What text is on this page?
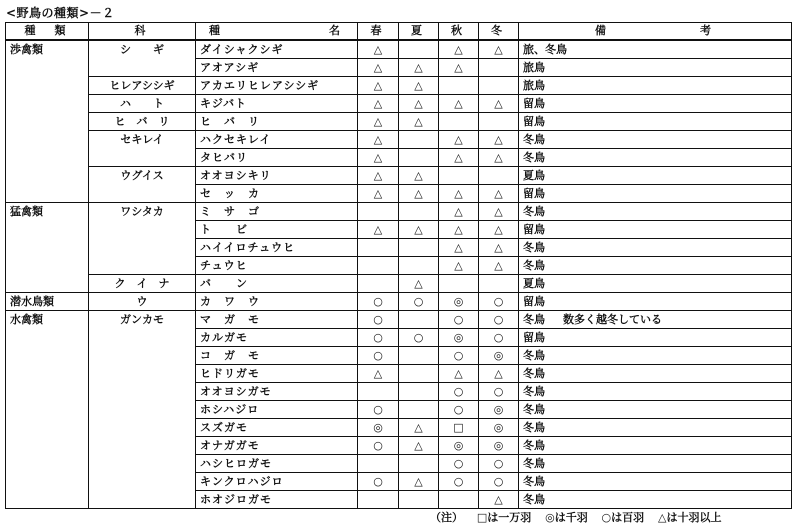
<野鳥の種類>－２
種　類	科	種　　　　　　　名	春	夏	秋	冬	備　　　　　　考
渉禽類	シ　　ギ	ダイシャクシギ	△		△	△	旅、冬鳥
		アオアシギ	△	△	△		旅鳥
	ヒレアシシギ	アカエリヒレアシシギ	△	△			旅鳥
	ハ　　ト	キジバト	△	△	△	△	留鳥
	ヒ　バ　リ	ヒ　バ　リ	△	△			留鳥
	セキレイ	ハクセキレイ	△		△	△	冬鳥
		タヒバリ	△		△	△	冬鳥
	ウグイス	オオヨシキリ	△	△			夏鳥
		セ　ッ　カ	△	△	△	△	留鳥
猛禽類	ワシタカ	ミ　サ　ゴ			△	△	冬鳥
		ト　　ビ	△	△	△	△	留鳥
		ハイイロチュウヒ			△	△	冬鳥
		チュウヒ			△	△	冬鳥
	ク　イ　ナ	バ　　ン		△			夏鳥
潜水鳥類	ウ	カ　ワ　ウ	○	○	◎	○	留鳥
水禽類	ガンカモ	マ　ガ　モ	○		○	○	冬鳥 数多く越冬している
		カルガモ	○	○	◎	○	留鳥
		コ　ガ　モ	○		○	◎	冬鳥
		ヒドリガモ	△		△	△	冬鳥
		オオヨシガモ			○	○	冬鳥
		ホシハジロ	○		○	◎	冬鳥
		スズガモ	◎	△	□	◎	冬鳥
		オナガガモ	○	△	◎	◎	冬鳥
		ハシヒロガモ			○	○	冬鳥
		キンクロハジロ	○	△	○	○	冬鳥
		ホオジロガモ				△	冬鳥
（注） □は一万羽 ◎は千羽 ○は百羽 △は十羽以上
